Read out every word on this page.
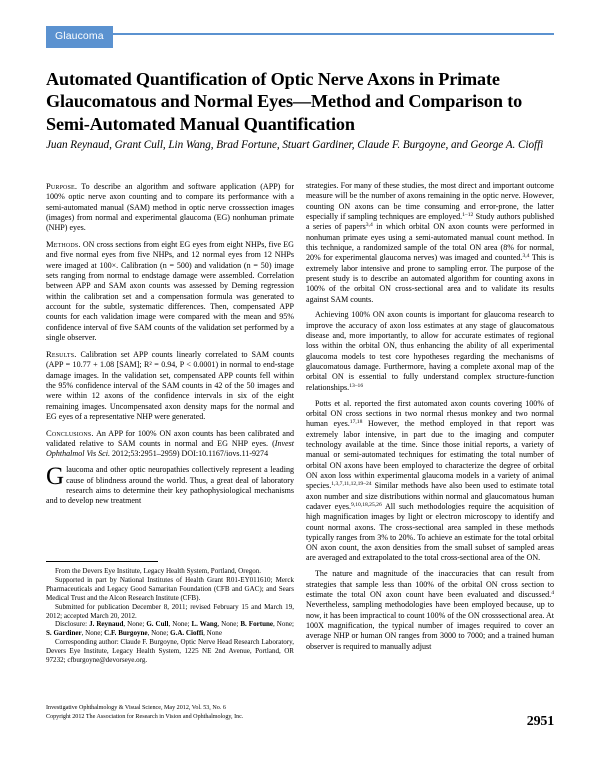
Glaucoma
Automated Quantification of Optic Nerve Axons in Primate Glaucomatous and Normal Eyes—Method and Comparison to Semi-Automated Manual Quantification
Juan Reynaud, Grant Cull, Lin Wang, Brad Fortune, Stuart Gardiner, Claude F. Burgoyne, and George A. Cioffi

Purpose. To describe an algorithm and software application (APP) for 100% optic nerve axon counting and to compare its performance with a semi-automated manual (SAM) method in optic nerve crosssection images (images) from normal and experimental glaucoma (EG) nonhuman primate (NHP) eyes.

Methods. ON cross sections from eight EG eyes from eight NHPs, five EG and five normal eyes from five NHPs, and 12 normal eyes from 12 NHPs were imaged at 100×. Calibration (n = 500) and validation (n = 50) image sets ranging from normal to endstage damage were assembled. Correlation between APP and SAM axon counts was assessed by Deming regression within the calibration set and a compensation formula was generated to account for the subtle, systematic differences. Then, compensated APP counts for each validation image were compared with the mean and 95% confidence interval of five SAM counts of the validation set performed by a single observer.

Results. Calibration set APP counts linearly correlated to SAM counts (APP = 10.77 + 1.08 [SAM]; R² = 0.94, P < 0.0001) in normal to end-stage damage images. In the validation set, compensated APP counts fell within the 95% confidence interval of the SAM counts in 42 of the 50 images and were within 12 axons of the confidence intervals in six of the eight remaining images. Uncompensated axon density maps for the normal and EG eyes of a representative NHP were generated.

Conclusions. An APP for 100% ON axon counts has been calibrated and validated relative to SAM counts in normal and EG NHP eyes. (Invest Ophthalmol Vis Sci. 2012;53:2951–2959) DOI:10.1167/iovs.11-9274

Glaucoma and other optic neuropathies collectively represent a leading cause of blindness around the world. Thus, a great deal of laboratory research aims to determine their key pathophysiological mechanisms and to develop new treatment

strategies. For many of these studies, the most direct and important outcome measure will be the number of axons remaining in the optic nerve. However, counting ON axons can be time consuming and error-prone, the latter especially if sampling techniques are employed.$^{1-12}$ Study authors published a series of papers$^{3,4}$ in which orbital ON axon counts were performed in nonhuman primate eyes using a semi-automated manual count method. In this technique, a randomized sample of the total ON area (8% for normal, 20% for experimental glaucoma nerves) was imaged and counted.$^{3,4}$ This is extremely labor intensive and prone to sampling error. The purpose of the present study is to describe an automated algorithm for counting axons in 100% of the orbital ON cross-sectional area and to validate its results against SAM counts.

Achieving 100% ON axon counts is important for glaucoma research to improve the accuracy of axon loss estimates at any stage of glaucomatous disease and, more importantly, to allow for accurate estimates of regional loss within the orbital ON, thus enhancing the ability of all experimental glaucoma models to test core hypotheses regarding the mechanisms of glaucomatous damage. Furthermore, having a complete axonal map of the orbital ON is essential to fully understand complex structure-function relationships.$^{13-16}$

Potts et al. reported the first automated axon counts covering 100% of orbital ON cross sections in two normal rhesus monkey and two normal human eyes.$^{17,18}$ However, the method employed in that report was extremely labor intensive, in part due to the imaging and computer technology available at the time. Since those initial reports, a variety of manual or semi-automated techniques for estimating the total number of orbital ON axons have been employed to characterize the degree of orbital ON axon loss within experimental glaucoma models in a variety of animal species.$^{1,3,7,11,12,19-24}$ Similar methods have also been used to estimate total axon number and size distributions within normal and glaucomatous human cadaver eyes.$^{9,10,18,25,26}$ All such methodologies require the acquisition of high magnification images by light or electron microscopy to identify and count normal axons. The cross-sectional area sampled in these methods typically ranges from 3% to 20%. To achieve an estimate for the total orbital ON axon count, the axon densities from the small subset of sampled areas are averaged and extrapolated to the total cross-sectional area of the ON.

The nature and magnitude of the inaccuracies that can result from strategies that sample less than 100% of the orbital ON cross section to estimate the total ON axon count have been evaluated and discussed.$^4$ Nevertheless, sampling methodologies have been employed because, up to now, it has been impractical to count 100% of the ON crosssectional area. At 100X magnification, the typical number of images required to cover an average NHP or human ON ranges from 3000 to 7000; and a trained human observer is required to manually adjust

From the Devers Eye Institute, Legacy Health System, Portland, Oregon.

Supported in part by National Institutes of Health Grant R01-EY011610; Merck Pharmaceuticals and Legacy Good Samaritan Foundation (CFB and GAC); and Sears Medical Trust and the Alcon Research Institute (CFB).

Submitted for publication December 8, 2011; revised February 15 and March 19, 2012; accepted March 20, 2012.

Disclosure: J. Reynaud, None; G. Cull, None; L. Wang, None; B. Fortune, None; S. Gardiner, None; C.F. Burgoyne, None; G.A. Cioffi, None

Corresponding author: Claude F. Burgoyne, Optic Nerve Head Research Laboratory, Devers Eye Institute, Legacy Health System, 1225 NE 2nd Avenue, Portland, OR 97232; cfburgoyne@devorseye.org.

Investigative Ophthalmology & Visual Science, May 2012, Vol. 53, No. 6
Copyright 2012 The Association for Research in Vision and Ophthalmology, Inc.	2951
